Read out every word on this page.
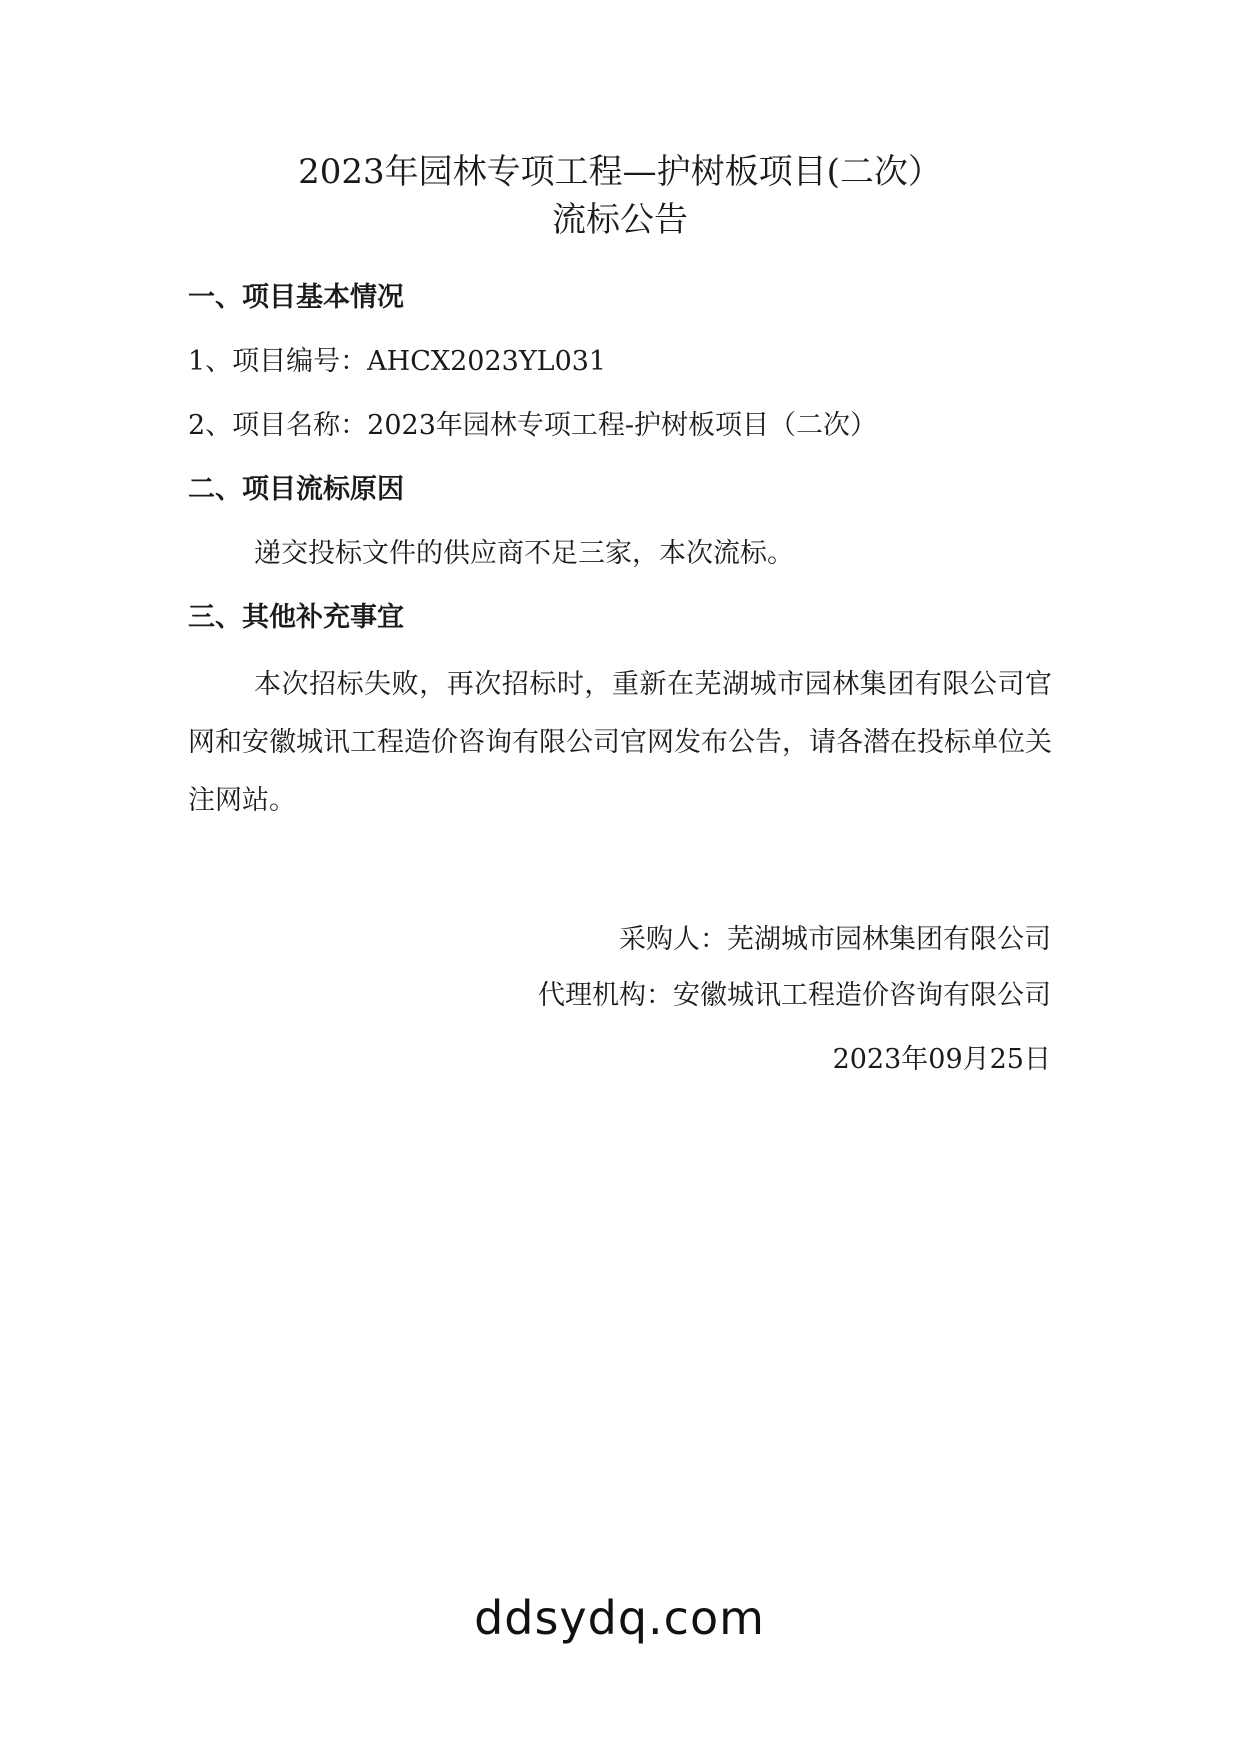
2023年园林专项工程—护树板项目(二次）
流标公告
一、项目基本情况
1、项目编号：AHCX2023YL031
2、项目名称：2023年园林专项工程-护树板项目（二次）
二、项目流标原因
递交投标文件的供应商不足三家，本次流标。
三、其他补充事宜
本次招标失败，再次招标时，重新在芜湖城市园林集团有限公司官网和安徽城讯工程造价咨询有限公司官网发布公告，请各潜在投标单位关注网站。
采购人：芜湖城市园林集团有限公司
代理机构：安徽城讯工程造价咨询有限公司
2023年09月25日
ddsydq.com
